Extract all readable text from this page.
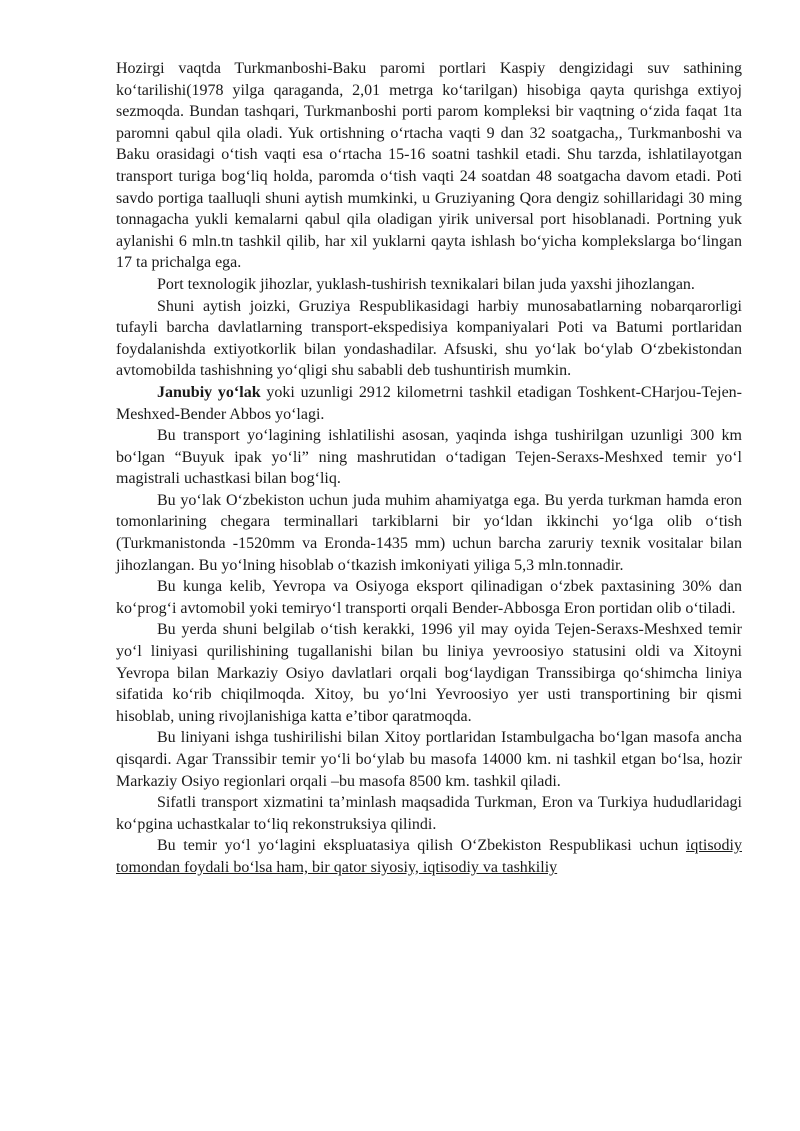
Hozirgi vaqtda Turkmanboshi-Baku paromi portlari Kaspiy dengizidagi suv sathining ko‘tarilishi(1978 yilga qaraganda, 2,01 metrga ko‘tarilgan) hisobiga qayta qurishga extiyoj sezmoqda. Bundan tashqari, Turkmanboshi porti parom kompleksi bir vaqtning o‘zida faqat 1ta paromni qabul qila oladi. Yuk ortishning o‘rtacha vaqti 9 dan 32 soatgacha,, Turkmanboshi va Baku orasidagi o‘tish vaqti esa o‘rtacha 15-16 soatni tashkil etadi. Shu tarzda, ishlatilayotgan transport turiga bog‘liq holda, paromda o‘tish vaqti 24 soatdan 48 soatgacha davom etadi. Poti savdo portiga taalluqli shuni aytish mumkinki, u Gruziyaning Qora dengiz sohillaridagi 30 ming tonnagacha yukli kemalarni qabul qila oladigan yirik universal port hisoblanadi. Portning yuk aylanishi 6 mln.tn tashkil qilib, har xil yuklarni qayta ishlash bo‘yicha komplekslarga bo‘lingan 17 ta prichalga ega.

Port texnologik jihozlar, yuklash-tushirish texnikalari bilan juda yaxshi jihozlangan.

Shuni aytish joizki, Gruziya Respublikasidagi harbiy munosabatlarning nobarqarorligi tufayli barcha davlatlarning transport-ekspedisiya kompaniyalari Poti va Batumi portlaridan foydalanishda extiyotkorlik bilan yondashadilar. Afsuski, shu yo‘lak bo‘ylab O‘zbekistondan avtomobilda tashishning yo‘qligi shu sababli deb tushuntirish mumkin.

Janubiy yo‘lak yoki uzunligi 2912 kilometrni tashkil etadigan Toshkent-CHarjou-Tejen-Meshxed-Bender Abbos yo‘lagi.

Bu transport yo‘lagining ishlatilishi asosan, yaqinda ishga tushirilgan uzunligi 300 km bo‘lgan “Buyuk ipak yo‘li” ning mashrutidan o‘tadigan Tejen-Seraxs-Meshxed temir yo‘l magistrali uchastkasi bilan bog‘liq.

Bu yo‘lak O‘zbekiston uchun juda muhim ahamiyatga ega. Bu yerda turkman hamda eron tomonlarining chegara terminallari tarkiblarni bir yo‘ldan ikkinchi yo‘lga olib o‘tish (Turkmanistonda -1520mm va Eronda-1435 mm) uchun barcha zaruriy texnik vositalar bilan jihozlangan. Bu yo‘lning hisoblab o‘tkazish imkoniyati yiliga 5,3 mln.tonnadir.

Bu kunga kelib, Yevropa va Osiyoga eksport qilinadigan o‘zbek paxtasining 30% dan ko‘prog‘i avtomobil yoki temiryo‘l transporti orqali Bender-Abbosga Eron portidan olib o‘tiladi.

Bu yerda shuni belgilab o‘tish kerakki, 1996 yil may oyida Tejen-Seraxs-Meshxed temir yo‘l liniyasi qurilishining tugallanishi bilan bu liniya yevroosiyo statusini oldi va Xitoyni Yevropa bilan Markaziy Osiyo davlatlari orqali bog‘laydigan Transsibirga qo‘shimcha liniya sifatida ko‘rib chiqilmoqda. Xitoy, bu yo‘lni Yevroosiyo yer usti transportining bir qismi hisoblab, uning rivojlanishiga katta e’tibor qaratmoqda.

Bu liniyani ishga tushirilishi bilan Xitoy portlaridan Istambulgacha bo‘lgan masofa ancha qisqardi. Agar Transsibir temir yo‘li bo‘ylab bu masofa 14000 km. ni tashkil etgan bo‘lsa, hozir Markaziy Osiyo regionlari orqali –bu masofa 8500 km. tashkil qiladi.

Sifatli transport xizmatini ta’minlash maqsadida Turkman, Eron va Turkiya hududlaridagi ko‘pgina uchastkalar to‘liq rekonstruksiya qilindi.

Bu temir yo‘l yo‘lagini ekspluatasiya qilish O‘Zbekiston Respublikasi uchun iqtisodiy tomondan foydali bo‘lsa ham, bir qator siyosiy, iqtisodiy va tashkiliy
